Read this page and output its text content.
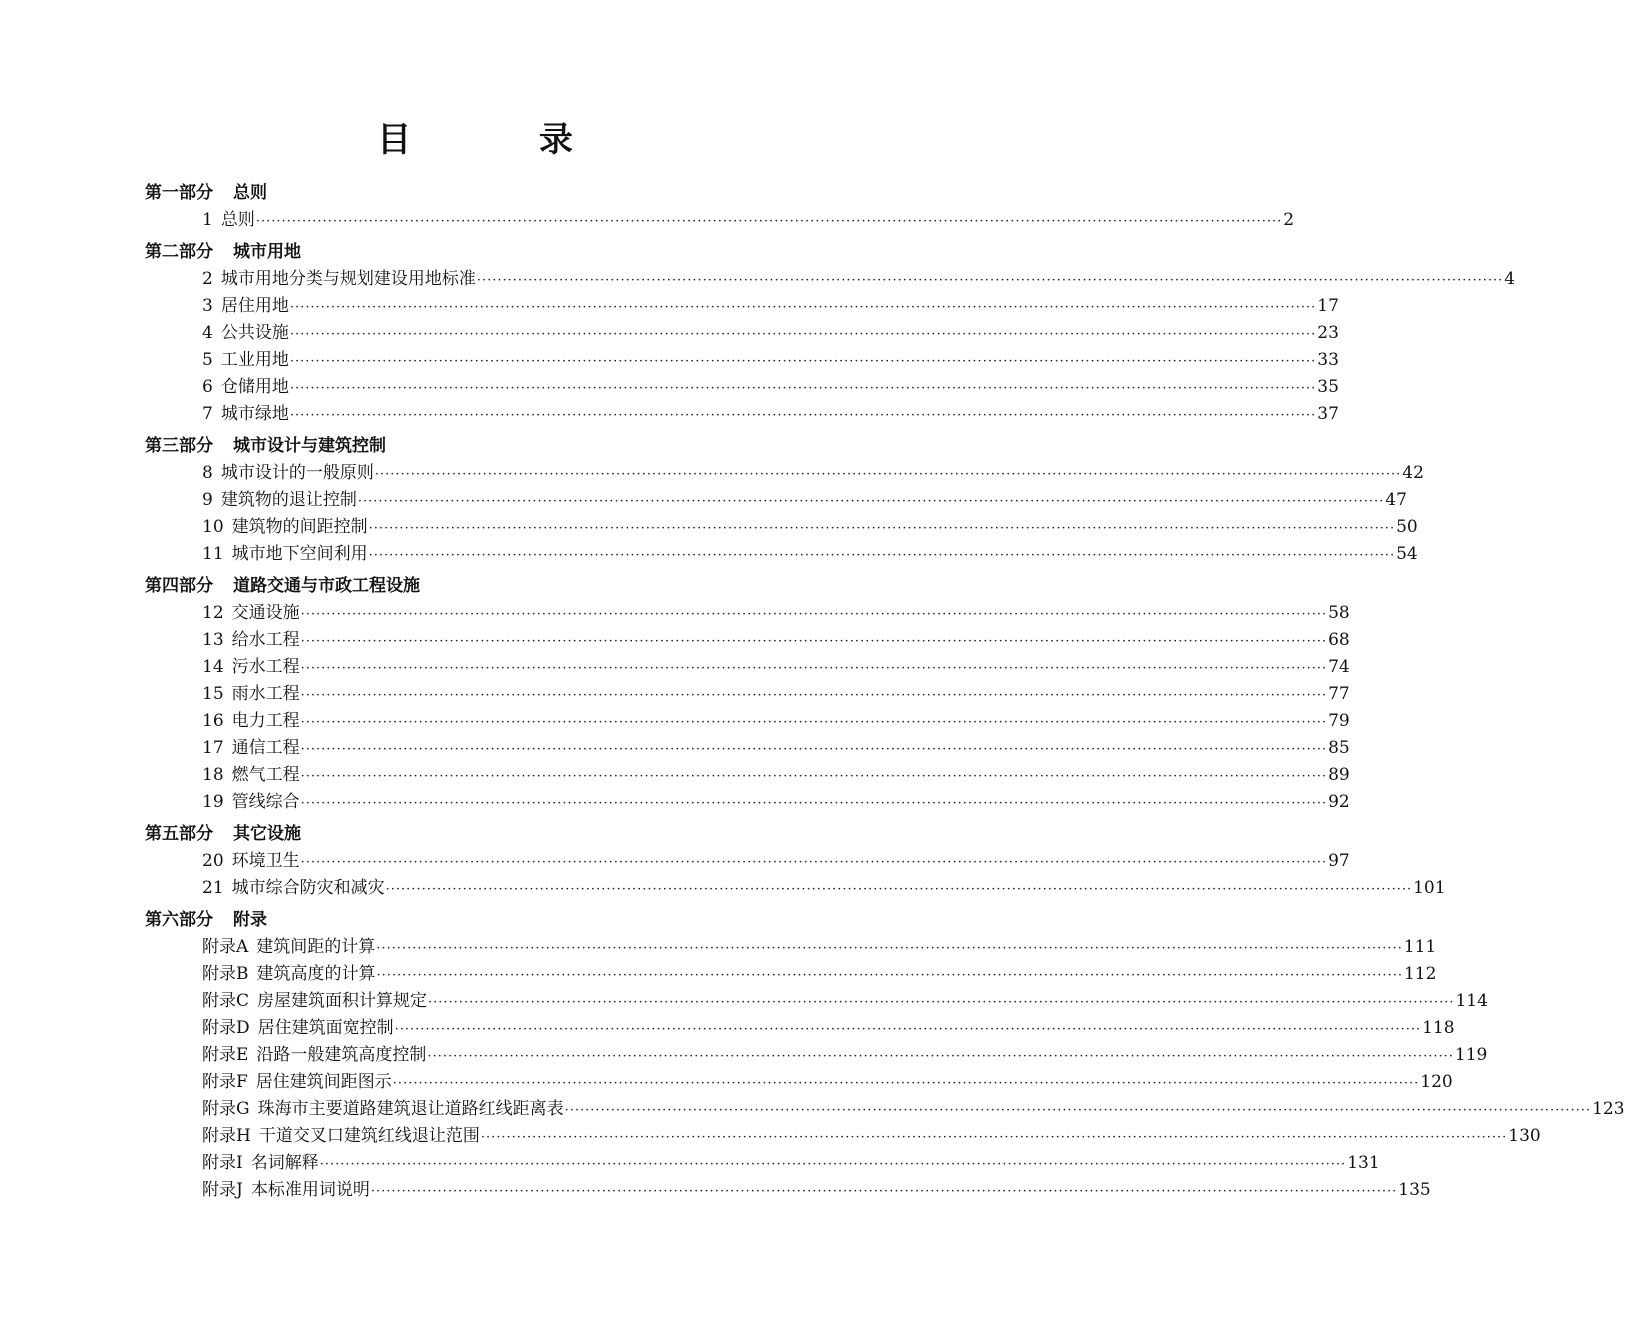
目 录
第一部分 总则
1 总则 ········································································································································································································ 2
第二部分 城市用地
2 城市用地分类与规划建设用地标准 ········································································································································································································ 4
3 居住用地 ········································································································································································································ 17
4 公共设施 ········································································································································································································ 23
5 工业用地 ········································································································································································································ 33
6 仓储用地 ········································································································································································································ 35
7 城市绿地 ········································································································································································································ 37
第三部分 城市设计与建筑控制
8 城市设计的一般原则 ········································································································································································································ 42
9 建筑物的退让控制 ········································································································································································································ 47
10 建筑物的间距控制 ········································································································································································································ 50
11 城市地下空间利用 ········································································································································································································ 54
第四部分 道路交通与市政工程设施
12 交通设施 ········································································································································································································ 58
13 给水工程 ········································································································································································································ 68
14 污水工程 ········································································································································································································ 74
15 雨水工程 ········································································································································································································ 77
16 电力工程 ········································································································································································································ 79
17 通信工程 ········································································································································································································ 85
18 燃气工程 ········································································································································································································ 89
19 管线综合 ········································································································································································································ 92
第五部分 其它设施
20 环境卫生 ········································································································································································································ 97
21 城市综合防灾和减灾 ········································································································································································································ 101
第六部分 附录
附录A 建筑间距的计算 ········································································································································································································ 111
附录B 建筑高度的计算 ········································································································································································································ 112
附录C 房屋建筑面积计算规定 ········································································································································································································ 114
附录D 居住建筑面宽控制 ········································································································································································································ 118
附录E 沿路一般建筑高度控制 ········································································································································································································ 119
附录F 居住建筑间距图示 ········································································································································································································ 120
附录G 珠海市主要道路建筑退让道路红线距离表 ········································································································································································································ 123
附录H 干道交叉口建筑红线退让范围 ········································································································································································································ 130
附录I 名词解释 ········································································································································································································ 131
附录J 本标准用词说明 ········································································································································································································ 135
